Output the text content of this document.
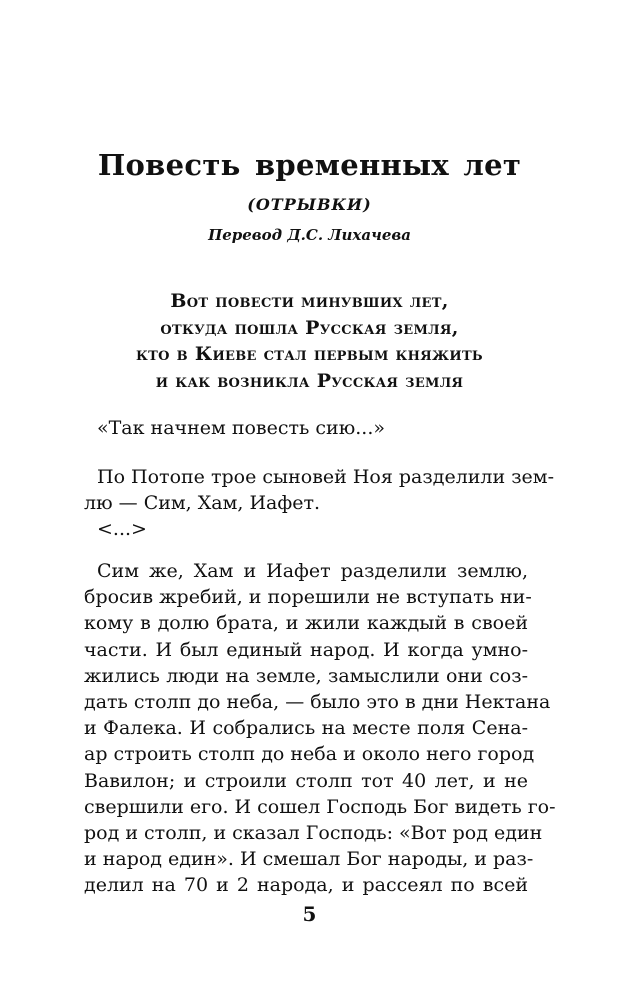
Повесть временных лет
(ОТРЫВКИ)
Перевод Д.С. Лихачева
Вот повести минувших лет,
откуда пошла Русская земля,
кто в Киеве стал первым княжить
и как возникла Русская земля
«Так начнем повесть сию...»
По Потопе трое сыновей Ноя разделили зем-
лю — Сим, Хам, Иафет.
<...>
Сим же, Хам и Иафет разделили землю,
бросив жребий, и порешили не вступать ни-
кому в долю брата, и жили каждый в своей
части. И был единый народ. И когда умно-
жились люди на земле, замыслили они соз-
дать столп до неба, — было это в дни Нектана
и Фалека. И собрались на месте поля Сена-
ар строить столп до неба и около него город
Вавилон; и строили столп тот 40 лет, и не
свершили его. И сошел Господь Бог видеть го-
род и столп, и сказал Господь: «Вот род един
и народ един». И смешал Бог народы, и раз-
делил на 70 и 2 народа, и рассеял по всей
5
